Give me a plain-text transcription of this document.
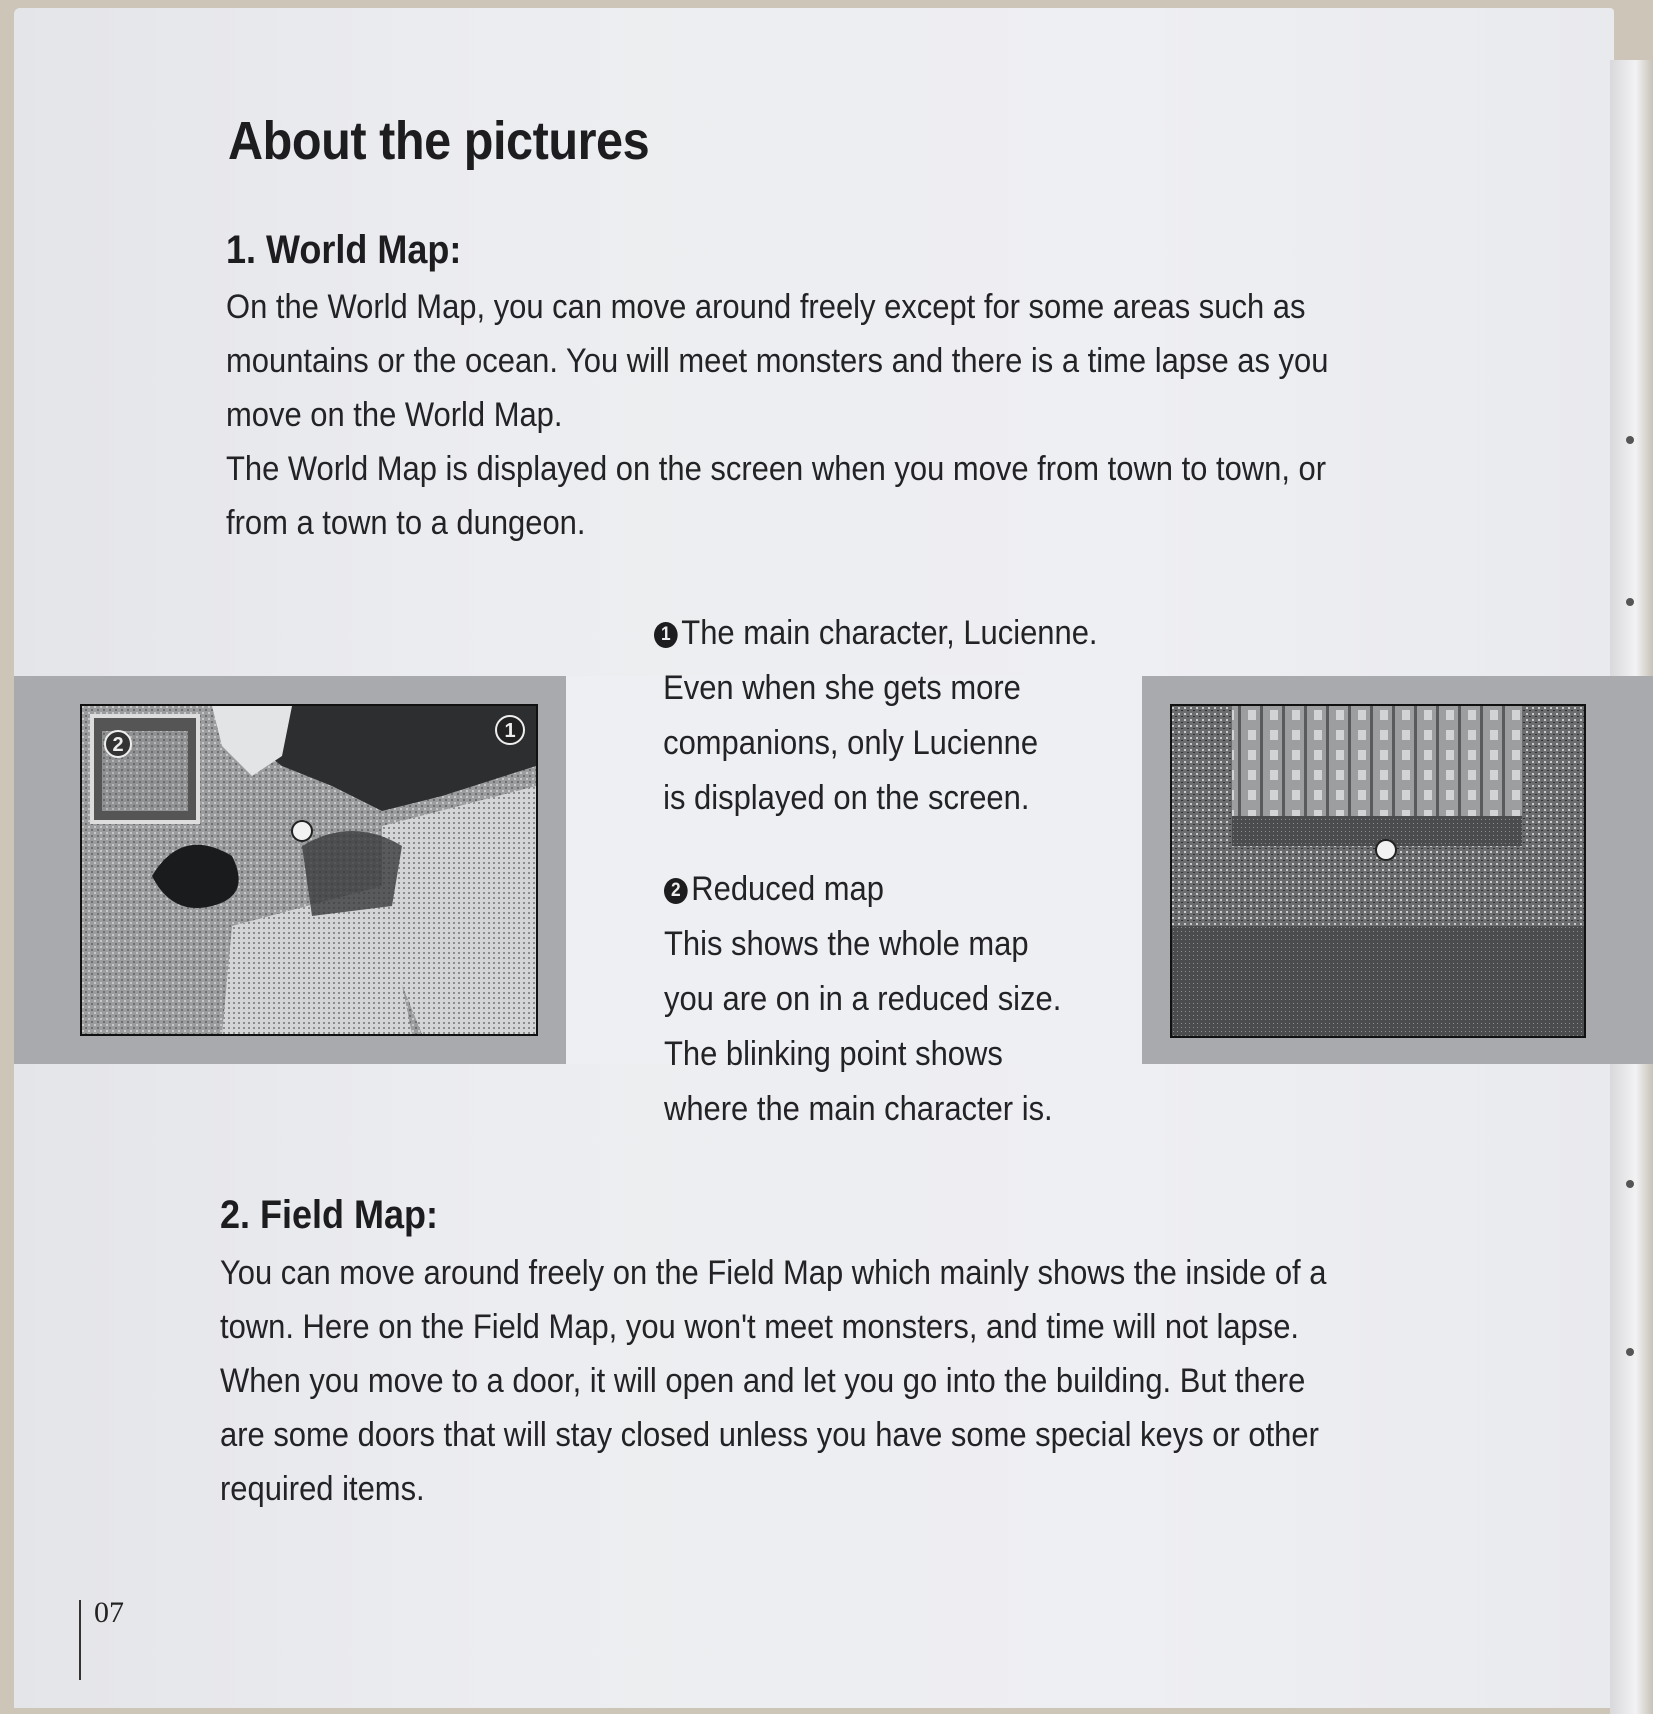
About the pictures
1. World Map:
On the World Map, you can move around freely except for some areas such as
mountains or the ocean. You will meet monsters and there is a time lapse as you
move on the World Map.
The World Map is displayed on the screen when you move from town to town, or
from a town to a dungeon.
2
1
1 The main character, Lucienne.
Even when she gets more
companions, only Lucienne
is displayed on the screen.
2 Reduced map
This shows the whole map
you are on in a reduced size.
The blinking point shows
where the main character is.
2. Field Map:
You can move around freely on the Field Map which mainly shows the inside of a
town. Here on the Field Map, you won't meet monsters, and time will not lapse.
When you move to a door, it will open and let you go into the building. But there
are some doors that will stay closed unless you have some special keys or other
required items.
07
